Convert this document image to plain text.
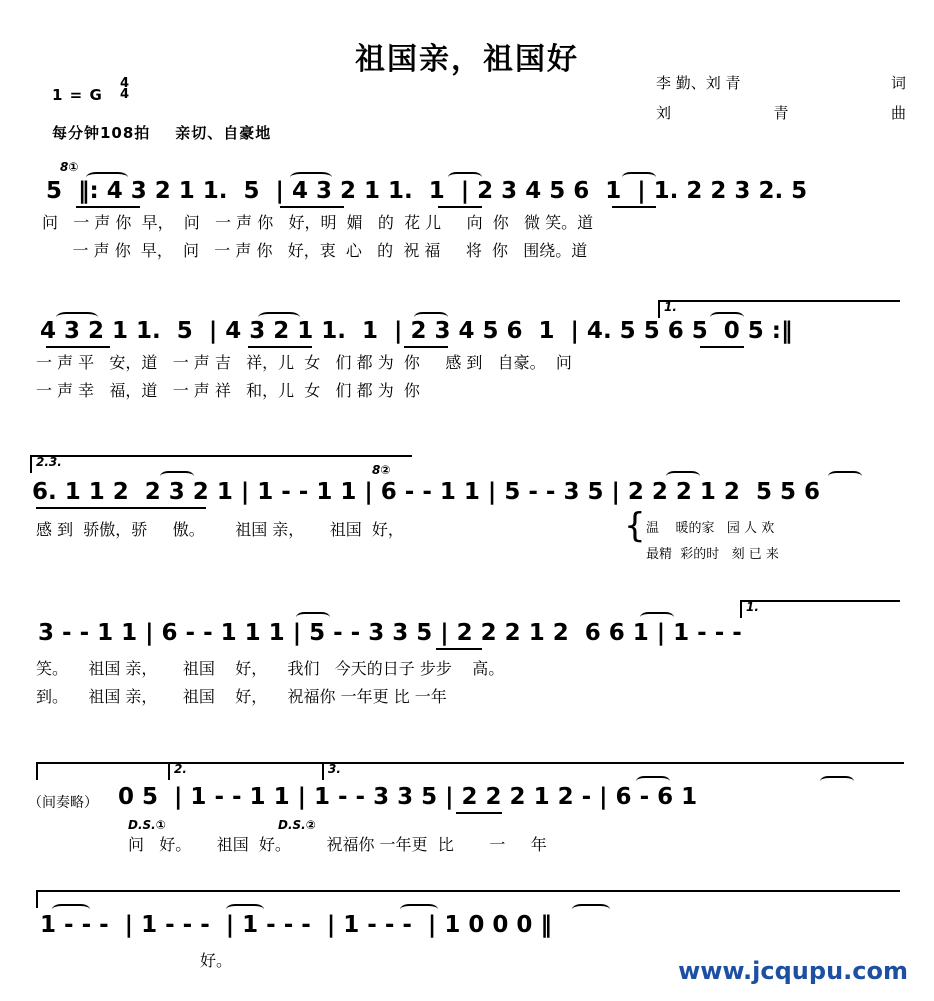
祖国亲，祖国好
李 勤、刘 青	词
刘	青	曲
1 = G
4
4
每分钟108拍 亲切、自豪地
8①
5  ‖: 4 3 2 1 1.  5  | 4 3 2 1 1.  1  | 2 3 4 5 6  1  | 1. 2 2 3 2. 5
问   一 声 你  早，  问   一 声 你   好，明  媚   的  花 儿     向  你   微 笑。道
一 声 你  早，  问   一 声 你   好，衷  心   的  祝 福     将  你   围绕。道
1.
4 3 2 1 1.  5  | 4 3 2 1 1.  1  | 2 3 4 5 6  1  | 4. 5 5 6 5  0 5 :‖
一 声 平   安，道   一 声 吉   祥，儿  女   们 都 为  你     感 到   自豪。  问
一 声 幸   福，道   一 声 祥   和，儿  女   们 都 为  你
2.3.
8②
6. 1 1 2  2 3 2 1 | 1 - - 1 1 | 6 - - 1 1 | 5 - - 3 5 | 2 2 2 1 2  5 5 6
感 到  骄傲，骄     傲。      祖国 亲，     祖国  好，	{ 温    暖的家   园 人 欢
最精  彩的时   刻 已 来
1.
3 - - 1 1 | 6 - - 1 1 1 | 5 - - 3 3 5 | 2 2 2 1 2  6 6 1 | 1 - - -
笑。    祖国 亲，     祖国    好，    我们   今天的日子 步步    高。
到。    祖国 亲，     祖国    好，    祝福你 一年更 比 一年
2.	3.
（间奏略） 0 5  | 1 - - 1 1 | 1 - - 3 3 5 | 2 2 2 1 2 - | 6 - 6 1
D.S.①	D.S.②
问   好。     祖国  好。       祝福你 一年更  比       一     年
1 - - -  | 1 - - -  | 1 - - -  | 1 - - -  | 1 0 0 0 ‖
好。	www.jcqupu.com
